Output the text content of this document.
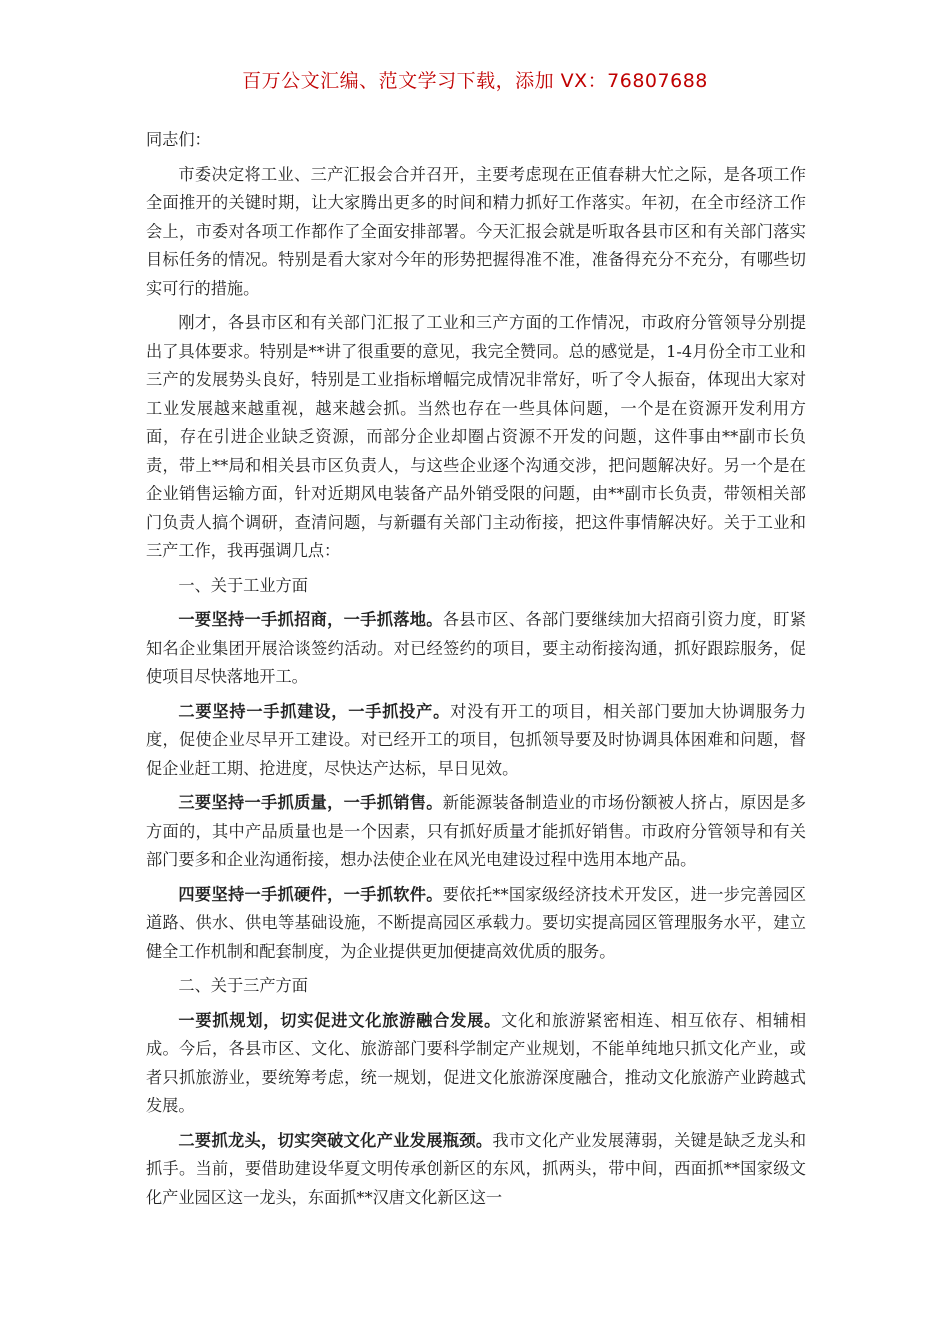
百万公文汇编、范文学习下载，添加 VX：76807688

同志们：

市委决定将工业、三产汇报会合并召开，主要考虑现在正值春耕大忙之际，是各项工作全面推开的关键时期，让大家腾出更多的时间和精力抓好工作落实。年初，在全市经济工作会上，市委对各项工作都作了全面安排部署。今天汇报会就是听取各县市区和有关部门落实目标任务的情况。特别是看大家对今年的形势把握得准不准，准备得充分不充分，有哪些切实可行的措施。

刚才，各县市区和有关部门汇报了工业和三产方面的工作情况，市政府分管领导分别提出了具体要求。特别是**讲了很重要的意见，我完全赞同。总的感觉是，1-4月份全市工业和三产的发展势头良好，特别是工业指标增幅完成情况非常好，听了令人振奋，体现出大家对工业发展越来越重视，越来越会抓。当然也存在一些具体问题，一个是在资源开发利用方面，存在引进企业缺乏资源，而部分企业却圈占资源不开发的问题，这件事由**副市长负责，带上**局和相关县市区负责人，与这些企业逐个沟通交涉，把问题解决好。另一个是在企业销售运输方面，针对近期风电装备产品外销受限的问题，由**副市长负责，带领相关部门负责人搞个调研，查清问题，与新疆有关部门主动衔接，把这件事情解决好。关于工业和三产工作，我再强调几点：

一、关于工业方面

一要坚持一手抓招商，一手抓落地。各县市区、各部门要继续加大招商引资力度，盯紧知名企业集团开展洽谈签约活动。对已经签约的项目，要主动衔接沟通，抓好跟踪服务，促使项目尽快落地开工。

二要坚持一手抓建设，一手抓投产。对没有开工的项目，相关部门要加大协调服务力度，促使企业尽早开工建设。对已经开工的项目，包抓领导要及时协调具体困难和问题，督促企业赶工期、抢进度，尽快达产达标，早日见效。

三要坚持一手抓质量，一手抓销售。新能源装备制造业的市场份额被人挤占，原因是多方面的，其中产品质量也是一个因素，只有抓好质量才能抓好销售。市政府分管领导和有关部门要多和企业沟通衔接，想办法使企业在风光电建设过程中选用本地产品。

四要坚持一手抓硬件，一手抓软件。要依托**国家级经济技术开发区，进一步完善园区道路、供水、供电等基础设施，不断提高园区承载力。要切实提高园区管理服务水平，建立健全工作机制和配套制度，为企业提供更加便捷高效优质的服务。

二、关于三产方面

一要抓规划，切实促进文化旅游融合发展。文化和旅游紧密相连、相互依存、相辅相成。今后，各县市区、文化、旅游部门要科学制定产业规划，不能单纯地只抓文化产业，或者只抓旅游业，要统筹考虑，统一规划，促进文化旅游深度融合，推动文化旅游产业跨越式发展。

二要抓龙头，切实突破文化产业发展瓶颈。我市文化产业发展薄弱，关键是缺乏龙头和抓手。当前，要借助建设华夏文明传承创新区的东风，抓两头，带中间，西面抓**国家级文化产业园区这一龙头，东面抓**汉唐文化新区这一
